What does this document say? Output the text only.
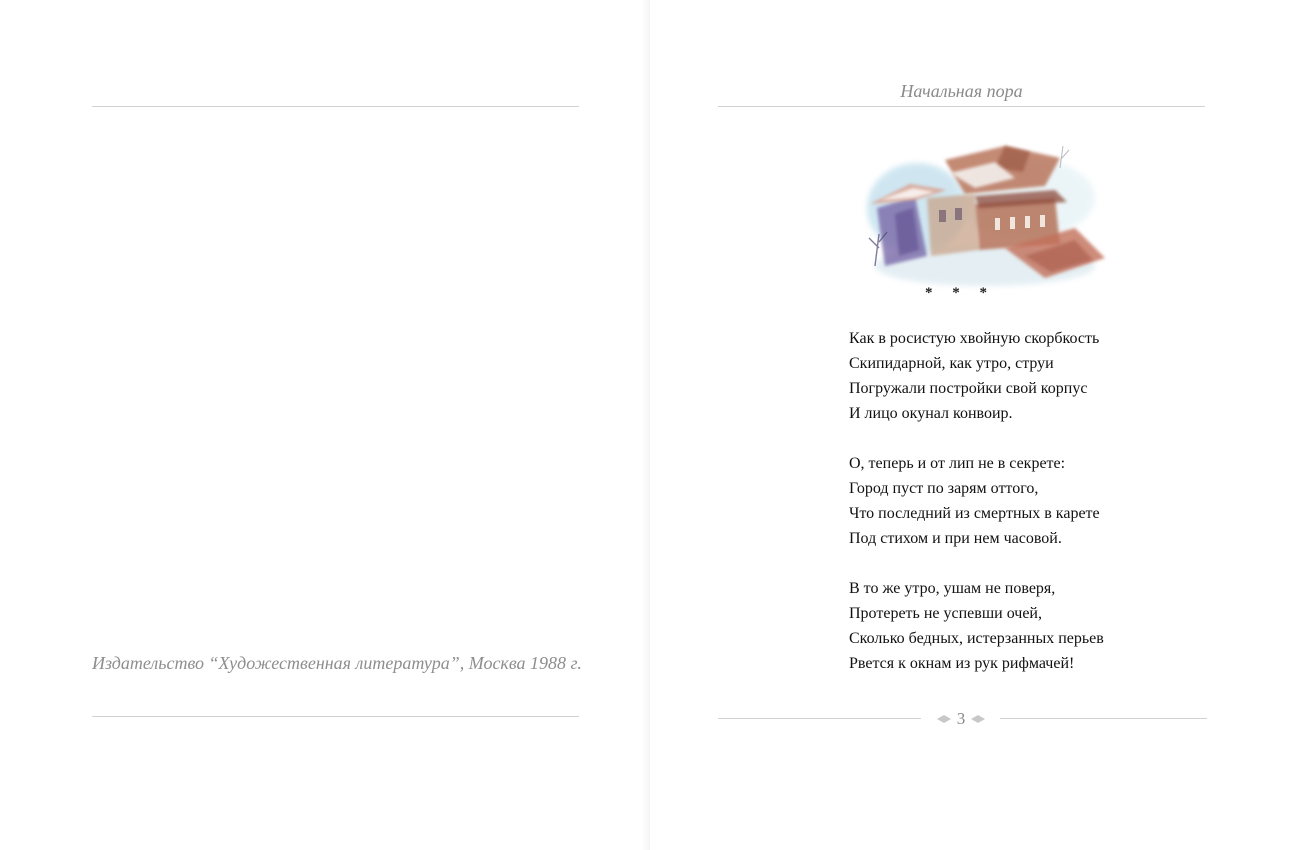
Издательство “Художественная литература”, Москва 1988 г.
Начальная пора
* * *
Как в росистую хвойную скорбкость
Скипидарной, как утро, струи
Погружали постройки свой корпус
И лицо окунал конвоир.
О, теперь и от лип не в секрете:
Город пуст по зарям оттого,
Что последний из смертных в карете
Под стихом и при нем часовой.
В то же утро, ушам не поверя,
Протереть не успевши очей,
Сколько бедных, истерзанных перьев
Рвется к окнам из рук рифмачей!
3
